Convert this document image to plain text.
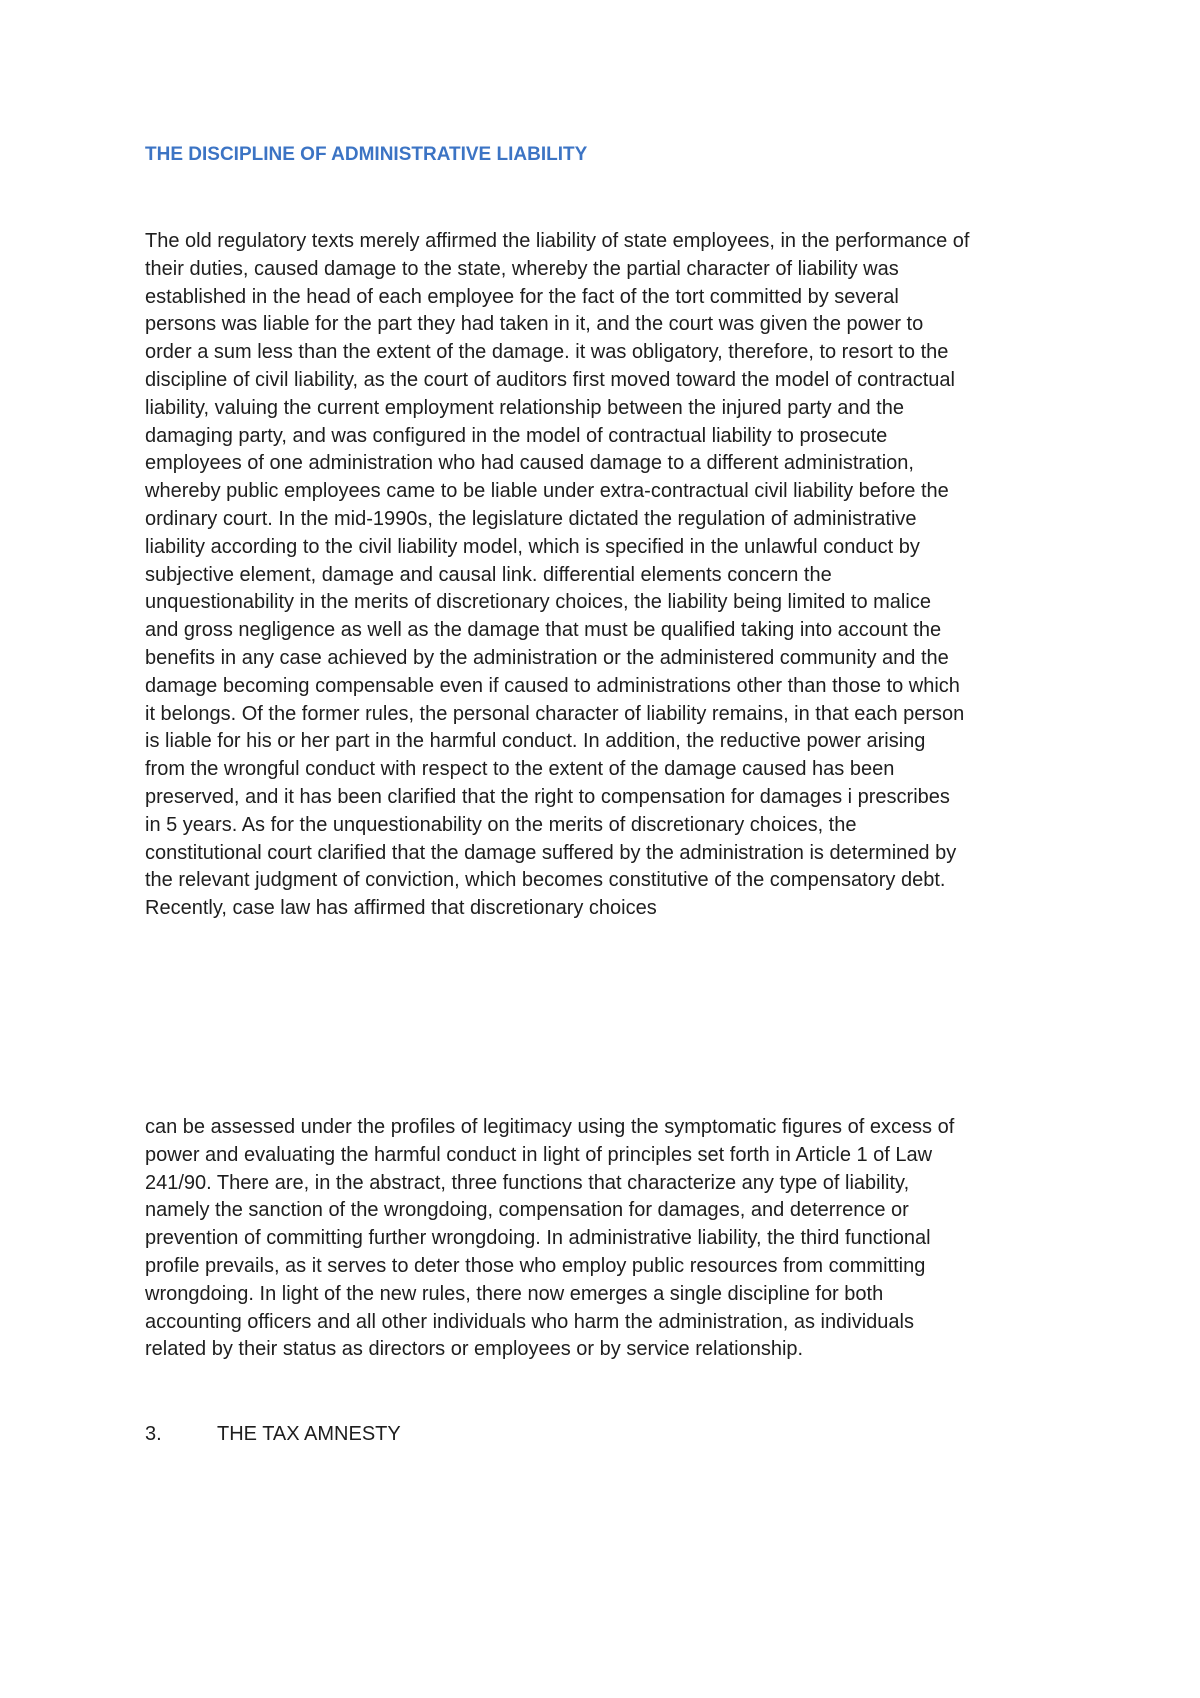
THE DISCIPLINE OF ADMINISTRATIVE LIABILITY
The old regulatory texts merely affirmed the liability of state employees, in the performance of
their duties, caused damage to the state, whereby the partial character of liability was
established in the head of each employee for the fact of the tort committed by several
persons was liable for the part they had taken in it, and the court was given the power to
order a sum less than the extent of the damage. it was obligatory, therefore, to resort to the
discipline of civil liability, as the court of auditors first moved toward the model of contractual
liability, valuing the current employment relationship between the injured party and the
damaging party, and was configured in the model of contractual liability to prosecute
employees of one administration who had caused damage to a different administration,
whereby public employees came to be liable under extra-contractual civil liability before the
ordinary court. In the mid-1990s, the legislature dictated the regulation of administrative
liability according to the civil liability model, which is specified in the unlawful conduct by
subjective element, damage and causal link. differential elements concern the
unquestionability in the merits of discretionary choices, the liability being limited to malice
and gross negligence as well as the damage that must be qualified taking into account the
benefits in any case achieved by the administration or the administered community and the
damage becoming compensable even if caused to administrations other than those to which
it belongs. Of the former rules, the personal character of liability remains, in that each person
is liable for his or her part in the harmful conduct. In addition, the reductive power arising
from the wrongful conduct with respect to the extent of the damage caused has been
preserved, and it has been clarified that the right to compensation for damages i prescribes
in 5 years. As for the unquestionability on the merits of discretionary choices, the
constitutional court clarified that the damage suffered by the administration is determined by
the relevant judgment of conviction, which becomes constitutive of the compensatory debt.
Recently, case law has affirmed that discretionary choices
can be assessed under the profiles of legitimacy using the symptomatic figures of excess of
power and evaluating the harmful conduct in light of principles set forth in Article 1 of Law
241/90. There are, in the abstract, three functions that characterize any type of liability,
namely the sanction of the wrongdoing, compensation for damages, and deterrence or
prevention of committing further wrongdoing. In administrative liability, the third functional
profile prevails, as it serves to deter those who employ public resources from committing
wrongdoing. In light of the new rules, there now emerges a single discipline for both
accounting officers and all other individuals who harm the administration, as individuals
related by their status as directors or employees or by service relationship.
3.	THE TAX AMNESTY
